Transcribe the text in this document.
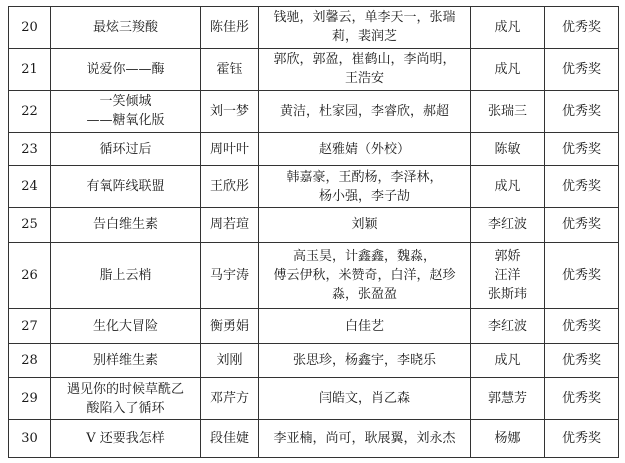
20	最炫三羧酸	陈佳彤	钱驰，刘馨云，单李天一，张瑞
莉，裴润芝	成凡	优秀奖
21	说爱你——酶	霍钰	郭欣，郭盈，崔鹤山，李尚明，
王浩安	成凡	优秀奖
22	一笑倾城
——糖氧化版	刘一梦	黄洁，杜家园，李睿欣，郝超	张瑞三	优秀奖
23	循环过后	周叶叶	赵雅婧（外校）	陈敏	优秀奖
24	有氧阵线联盟	王欣彤	韩嘉豪，王酌杨，李泽林，
杨小强，李子劼	成凡	优秀奖
25	告白维生素	周若瑄	刘颖	李红波	优秀奖
26	脂上云梢	马宇涛	高玉昊，计鑫鑫，魏淼，
傅云伊秋，米赞奇，白洋，赵珍
淼，张盈盈	郭娇
汪洋
张斯玮	优秀奖
27	生化大冒险	衡勇娟	白佳艺	李红波	优秀奖
28	别样维生素	刘刚	张思珍，杨鑫宇，李晓乐	成凡	优秀奖
29	遇见你的时候草酰乙
酸陷入了循环	邓芹方	闫皓文，肖乙森	郭慧芳	优秀奖
30	V 还要我怎样	段佳婕	李亚楠，尚可，耿展翼，刘永杰	杨娜	优秀奖
